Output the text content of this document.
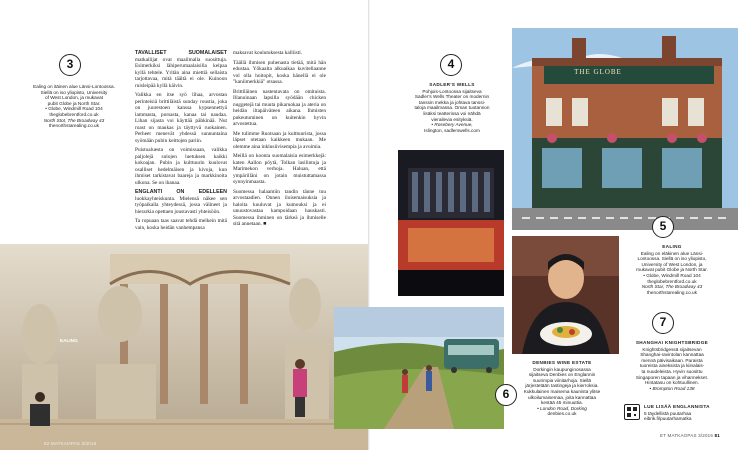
3
Ealing on itäinen alue Länsi-Lontoossa.
Siellä on iso yliopisto, University
of West London, ja mukavat
pubit Globe ja North Star.
• Globe, Windmill Road 104
theglobebrentford.co.uk
North Stot, The Broadway 43
thenorthstarealing.co.uk

TAVALLISET SUOMALAISET matkailijat ovat maailmalla suosittuja. Esimerkiksi lähiperumaalaisilla kelpaa kyllä tehtele. Yritän aina miettiä sellaista tarjottavaa, mitä täältä ei ole. Kuinoon ruisleipää kyllä käivin.

Valikka en itse syö lihaa, arvostan perinteisiä brittiläistä sunday roustia, joka on juurestoen kanssa kypsennettyä lammasta, porsasta, kanaa tai naudaa. Lihan sijasta voi käyttää pähkinää. Nut roast on maukas ja täyttyvä ruokainen. Perheet menevät yhdessä sunnuntaina syömään pubin keittojen pariin.

Puistoaluesta on voimissaan, valikka paljolejä sulojen luetuksen kaikki kokoajan. Pubin ja kulttuurin kuulovat osalliset hedelmäisen ja kivoja, kun ihmiset tarkistavat baareja ja markkinoita ulkona. Se on ihanaa.

ENGLANTI ON EDELLEEN luokkayhteiskunta. Mielensä näkee sen työpaikalla yhteydessä, jossa välineet ja hierarkia opettaen joustavasti yhteisöön.

Ta ropuaan taas saavat tehdä melkein mitä vain, koska heidän vanhempansa

maksavat koulutuksesta kalliisti.

Täällä ihmisen puhenasta tietää, mitä hän edustaa. Yökaalta alkuaikaa kuvitellaanne vol olla hoitopit, koska hänellä ei ole "kaniimerkkiä" otsassa.

Brittiläinen nastentavata on omituista. Illanuinaan lapsilla syödään chicken nuggetejä tai muuta pikaruokaa ja ateria on heidän iltapäiväteen aikana. Ihmisten pukeutuminen on kuitenkin hyvin arvostettua.

Me tulimme Ruotsaan ja kulttuurista, jossa läpset otetaan kaikkeen mukaan. Me olemme aina inklusiivisempia ja avoimia.

Meillä on koonta suomalaisia esimerkkejä: katen Aallon pöytä, Tolkan lasilintuja ja Marimekon verhoja. Haluan, että ympärilläni on jotain muistuttamassa synnyinmaasta.

Suomessa halaamiin taudin tänne tuu arvostaadien. Onnen iloisemaisuksia ja haloita kuuluvat ja kumouksi ja ei unuustovastaa kampoidaan hauskasti. Suomessa ihminen on tärkeä ja ihmiselle sitä annetaan. ■

EALING
82 MATKAOPAS 3/2016
4
SADLER'S WELLS
Pohjois-Lontoossa sijaitseva
Sadler's Wells Theater on modernin
tanssin mekka ja johtava tanssi-
taloja maailmassa. Oman tuotannon
lisäksi teatterissa voi nähdä
vierailevia esityksiä.
• Rosebery Avenue,
Islington, sadlerswells.com
THE GLOBE
6
5
EALING
Ealing on eläkinen alue Länsi-
Lontoossa. Siellä on iso yliopisto,
University of West London, ja
mukavat pubit Globe ja North Star.
• Globe, Windmill Road 104
theglobebrentford.co.uk
North Star, The Broadway 43
thenorthstarealing.co.uk
7
SHANGHAI KNIGHTSBRIDGE
Knightsbridgessä sijaitsevan
Shanghai-ravintolan kannattaa
mennä päivisaikaan. Paraista
tuoreista aineksista ja kiinalais-
ta nuudeleista. Hyvin suosittu
Singaporen tapaan ja vihannekset.
Hintatasu on kohtuullinen.
• Brompton Road 138
DENBIES WINE ESTATE
Dorkingin kaupunginosassa
sijaitseva Denbies on Englannin
suurimpia viinitarhoja. Siellä
järjestetään tastingeja ja kierroksia.
Kukkulainen maisema kaunista ylitse
ulkoilumaisemaa, joita kannattaa
kestää 45 minuuttia.
• London Road, Dorking
denbies.co.uk
LUE LISÄÄ ENGLANNISTA
5 täydellistä puutarhaa
eibrik.fi/puutarhamatka
ET MATKAOPAS 3/2016 81
